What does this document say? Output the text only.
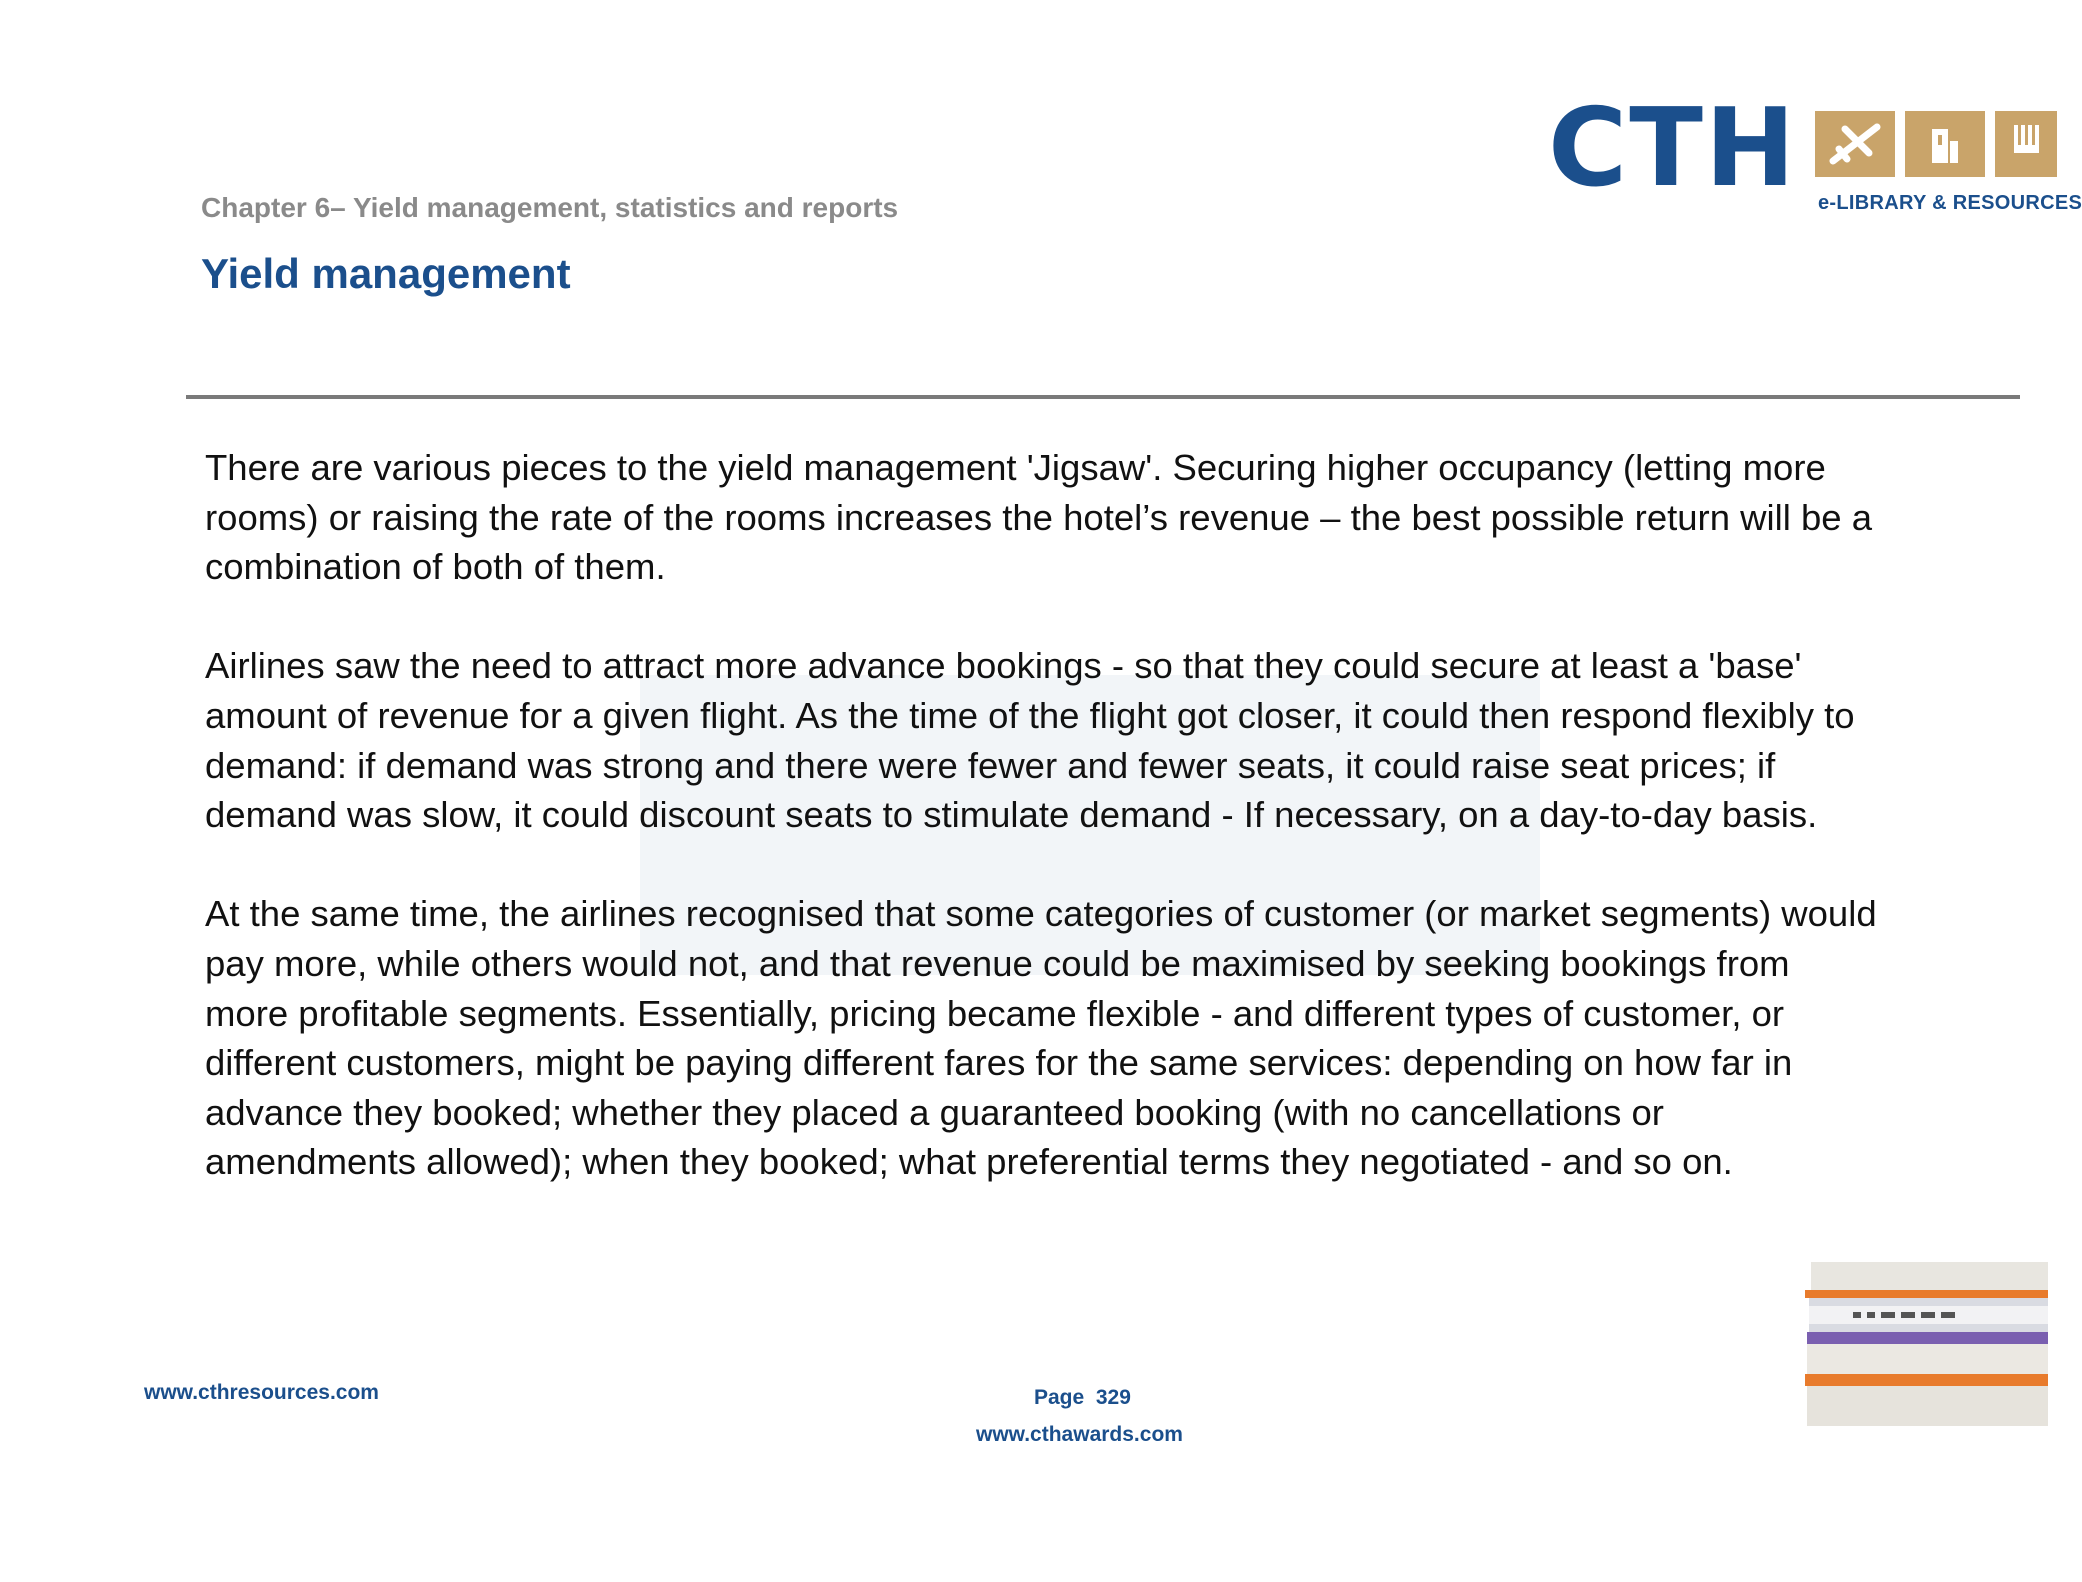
CTH e-LIBRARY & RESOURCES
Chapter 6– Yield management, statistics and reports
Yield management

There are various pieces to the yield management 'Jigsaw'. Securing higher occupancy (letting more
rooms) or raising the rate of the rooms increases the hotel’s revenue – the best possible return will be a
combination of both of them.

Airlines saw the need to attract more advance bookings - so that they could secure at least a 'base'
amount of revenue for a given flight. As the time of the flight got closer, it could then respond flexibly to
demand: if demand was strong and there were fewer and fewer seats, it could raise seat prices; if
demand was slow, it could discount seats to stimulate demand - If necessary, on a day-to-day basis.

At the same time, the airlines recognised that some categories of customer (or market segments) would
pay more, while others would not, and that revenue could be maximised by seeking bookings from
more profitable segments. Essentially, pricing became flexible - and different types of customer, or
different customers, might be paying different fares for the same services: depending on how far in
advance they booked; whether they placed a guaranteed booking (with no cancellations or
amendments allowed); when they booked; what preferential terms they negotiated - and so on.

www.cthresources.com	Page  329
www.cthawards.com
